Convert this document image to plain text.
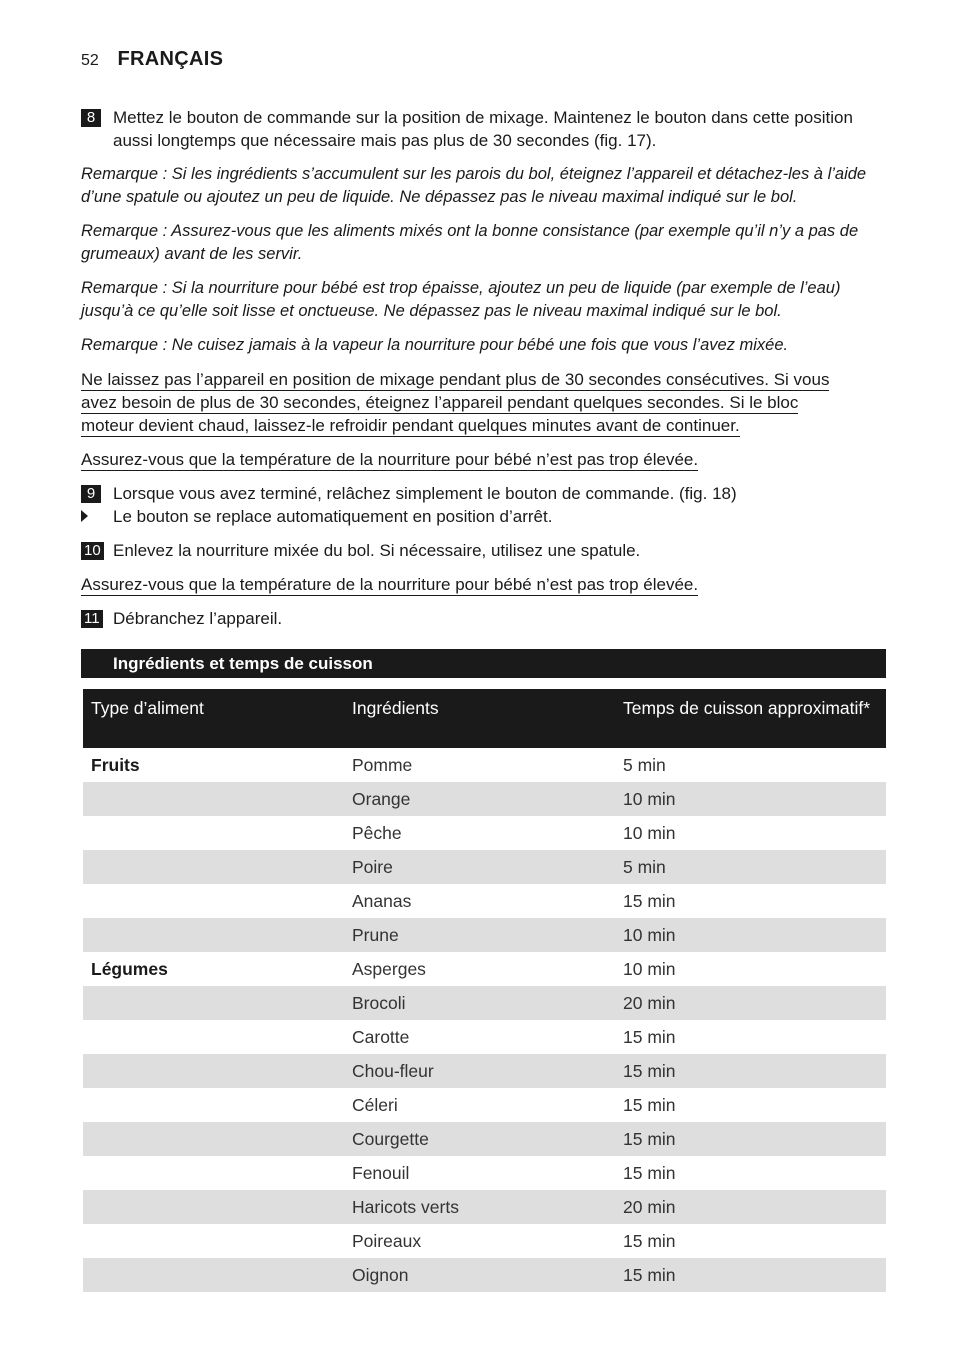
52 FRANÇAIS
8	Mettez le bouton de commande sur la position de mixage. Maintenez le bouton dans cette position aussi longtemps que nécessaire mais pas plus de 30 secondes (fig. 17).
Remarque : Si les ingrédients s’accumulent sur les parois du bol, éteignez l’appareil et détachez-les à l’aide d’une spatule ou ajoutez un peu de liquide. Ne dépassez pas le niveau maximal indiqué sur le bol.
Remarque : Assurez-vous que les aliments mixés ont la bonne consistance (par exemple qu’il n’y a pas de grumeaux) avant de les servir.
Remarque : Si la nourriture pour bébé est trop épaisse, ajoutez un peu de liquide (par exemple de l’eau) jusqu’à ce qu’elle soit lisse et onctueuse. Ne dépassez pas le niveau maximal indiqué sur le bol.
Remarque : Ne cuisez jamais à la vapeur la nourriture pour bébé une fois que vous l’avez mixée.
Ne laissez pas l’appareil en position de mixage pendant plus de 30 secondes consécutives. Si vous
avez besoin de plus de 30 secondes, éteignez l’appareil pendant quelques secondes. Si le bloc
moteur devient chaud, laissez-le refroidir pendant quelques minutes avant de continuer.
Assurez-vous que la température de la nourriture pour bébé n’est pas trop élevée.
9	Lorsque vous avez terminé, relâchez simplement le bouton de commande. (fig. 18)
Le bouton se replace automatiquement en position d’arrêt.
10 Enlevez la nourriture mixée du bol. Si nécessaire, utilisez une spatule.
Assurez-vous que la température de la nourriture pour bébé n’est pas trop élevée.
11 Débranchez l’appareil.
Ingrédients et temps de cuisson
Type d’aliment	Ingrédients	Temps de cuisson approximatif*
Fruits	Pomme	5 min
	Orange	10 min
	Pêche	10 min
	Poire	5 min
	Ananas	15 min
	Prune	10 min
Légumes	Asperges	10 min
	Brocoli	20 min
	Carotte	15 min
	Chou-fleur	15 min
	Céleri	15 min
	Courgette	15 min
	Fenouil	15 min
	Haricots verts	20 min
	Poireaux	15 min
	Oignon	15 min
